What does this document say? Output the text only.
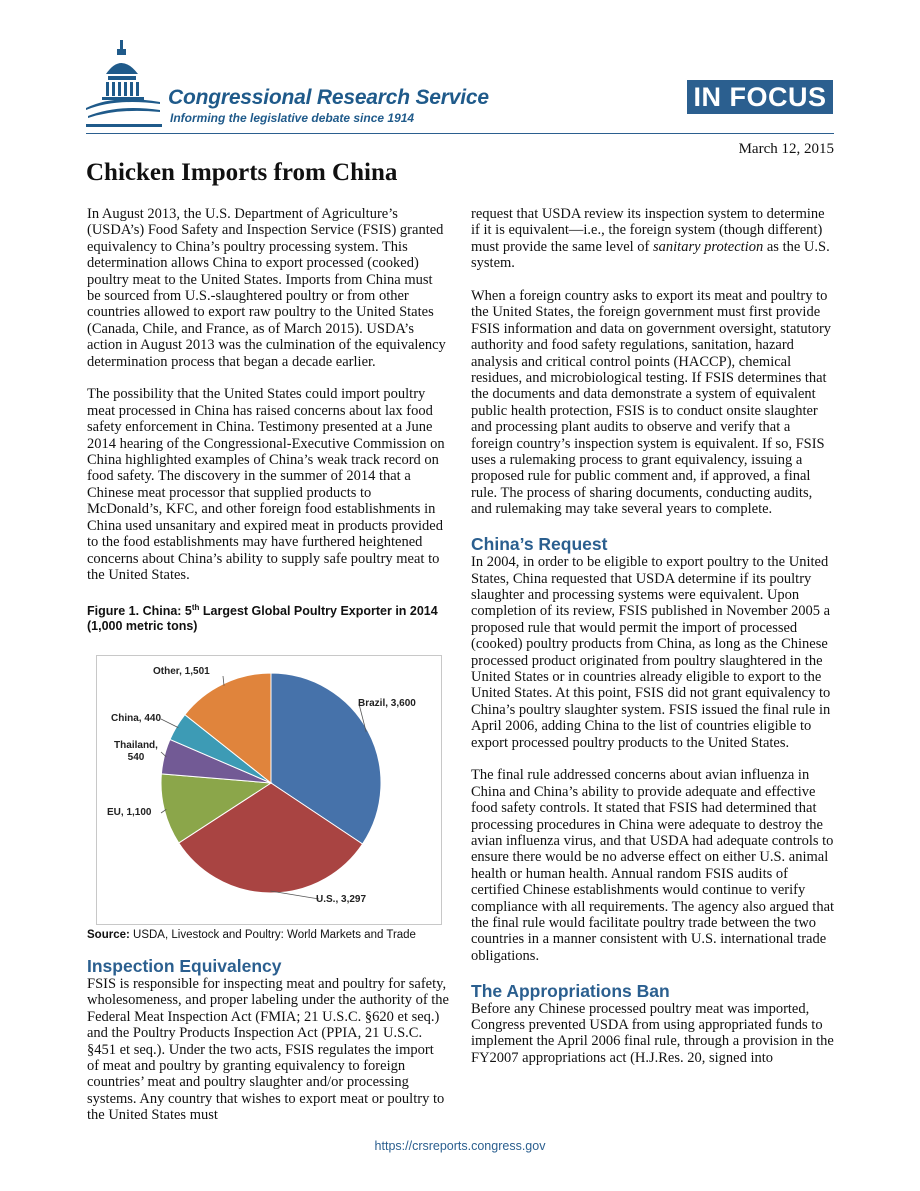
Congressional Research Service
Informing the legislative debate since 1914
IN FOCUS
March 12, 2015
Chicken Imports from China

In August 2013, the U.S. Department of Agriculture’s (USDA’s) Food Safety and Inspection Service (FSIS) granted equivalency to China’s poultry processing system. This determination allows China to export processed (cooked) poultry meat to the United States. Imports from China must be sourced from U.S.-slaughtered poultry or from other countries allowed to export raw poultry to the United States (Canada, Chile, and France, as of March 2015). USDA’s action in August 2013 was the culmination of the equivalency determination process that began a decade earlier.

The possibility that the United States could import poultry meat processed in China has raised concerns about lax food safety enforcement in China. Testimony presented at a June 2014 hearing of the Congressional-Executive Commission on China highlighted examples of China’s weak track record on food safety. The discovery in the summer of 2014 that a Chinese meat processor that supplied products to McDonald’s, KFC, and other foreign food establishments in China used unsanitary and expired meat in products provided to the food establishments may have furthered heightened concerns about China’s ability to supply safe poultry meat to the United States.

Figure 1. China: 5th Largest Global Poultry Exporter in 2014 (1,000 metric tons)
Brazil, 3,600
U.S., 3,297
EU, 1,100
Thailand, 540
China, 440
Other, 1,501
Source: USDA, Livestock and Poultry: World Markets and Trade
Inspection Equivalency

FSIS is responsible for inspecting meat and poultry for safety, wholesomeness, and proper labeling under the authority of the Federal Meat Inspection Act (FMIA; 21 U.S.C. §620 et seq.) and the Poultry Products Inspection Act (PPIA, 21 U.S.C. §451 et seq.). Under the two acts, FSIS regulates the import of meat and poultry by granting equivalency to foreign countries’ meat and poultry slaughter and/or processing systems. Any country that wishes to export meat or poultry to the United States must

request that USDA review its inspection system to determine if it is equivalent—i.e., the foreign system (though different) must provide the same level of sanitary protection as the U.S. system.

When a foreign country asks to export its meat and poultry to the United States, the foreign government must first provide FSIS information and data on government oversight, statutory authority and food safety regulations, sanitation, hazard analysis and critical control points (HACCP), chemical residues, and microbiological testing. If FSIS determines that the documents and data demonstrate a system of equivalent public health protection, FSIS is to conduct onsite slaughter and processing plant audits to observe and verify that a foreign country’s inspection system is equivalent. If so, FSIS uses a rulemaking process to grant equivalency, issuing a proposed rule for public comment and, if approved, a final rule. The process of sharing documents, conducting audits, and rulemaking may take several years to complete.

China’s Request

In 2004, in order to be eligible to export poultry to the United States, China requested that USDA determine if its poultry slaughter and processing systems were equivalent. Upon completion of its review, FSIS published in November 2005 a proposed rule that would permit the import of processed (cooked) poultry products from China, as long as the Chinese processed product originated from poultry slaughtered in the United States or in countries already eligible to export to the United States. At this point, FSIS did not grant equivalency to China’s poultry slaughter system. FSIS issued the final rule in April 2006, adding China to the list of countries eligible to export processed poultry products to the United States.

The final rule addressed concerns about avian influenza in China and China’s ability to provide adequate and effective food safety controls. It stated that FSIS had determined that processing procedures in China were adequate to destroy the avian influenza virus, and that USDA had adequate controls to ensure there would be no adverse effect on either U.S. animal health or human health. Annual random FSIS audits of certified Chinese establishments would continue to verify compliance with all requirements. The agency also argued that the final rule would facilitate poultry trade between the two countries in a manner consistent with U.S. international trade obligations.

The Appropriations Ban

Before any Chinese processed poultry meat was imported, Congress prevented USDA from using appropriated funds to implement the April 2006 final rule, through a provision in the FY2007 appropriations act (H.J.Res. 20, signed into

https://crsreports.congress.gov
